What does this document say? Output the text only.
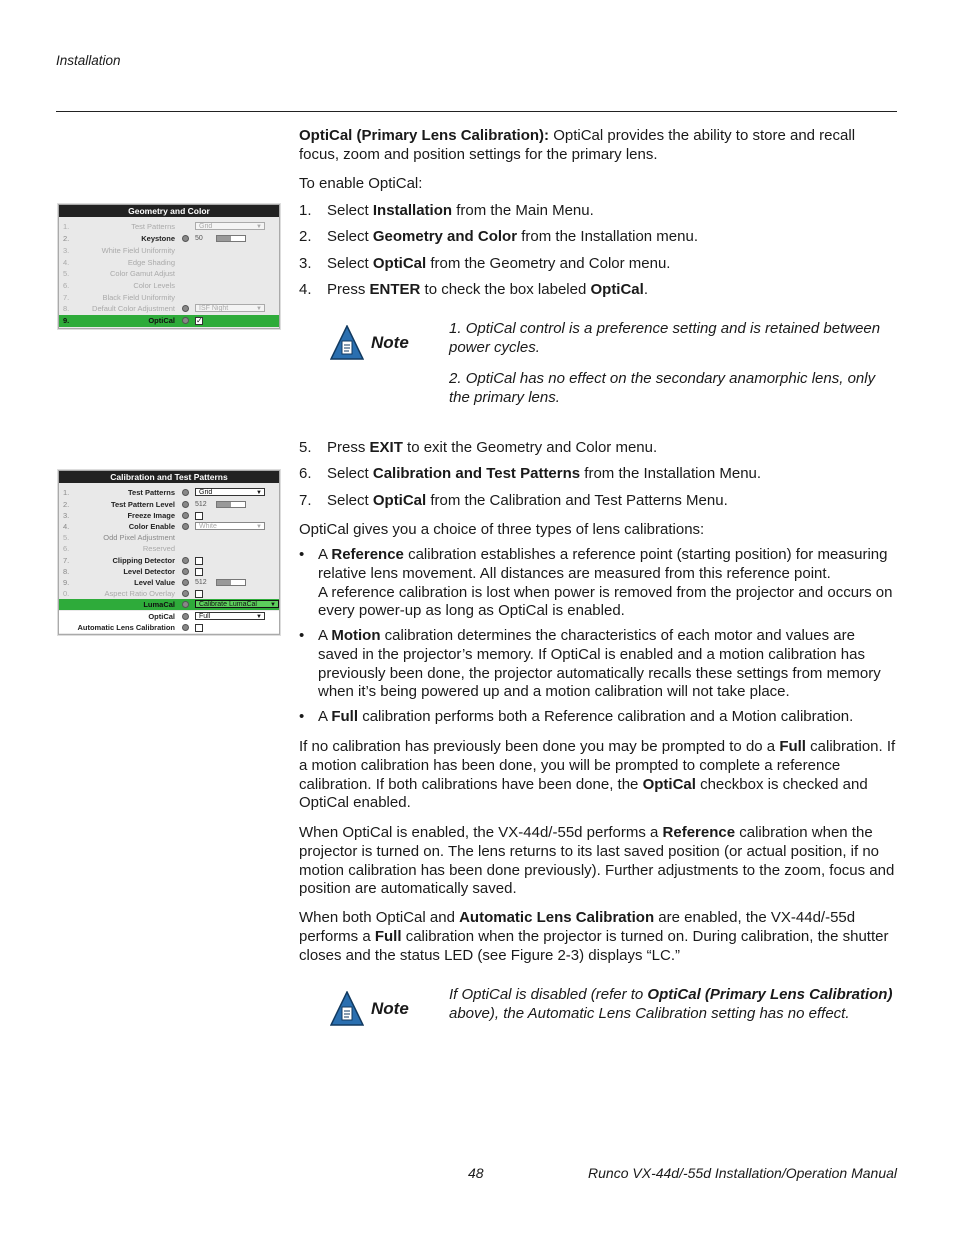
Installation
OptiCal (Primary Lens Calibration): OptiCal provides the ability to store and recall focus, zoom and position settings for the primary lens.
To enable OptiCal:
1. Select Installation from the Main Menu.
2. Select Geometry and Color from the Installation menu.
3. Select OptiCal from the Geometry and Color menu.
4. Press ENTER to check the box labeled OptiCal.
Note
1. OptiCal control is a preference setting and is retained between power cycles.
2. OptiCal has no effect on the secondary anamorphic lens, only the primary lens.
5. Press EXIT to exit the Geometry and Color menu.
6. Select Calibration and Test Patterns from the Installation Menu.
7. Select OptiCal from the Calibration and Test Patterns Menu.
OptiCal gives you a choice of three types of lens calibrations:
• A Reference calibration establishes a reference point (starting position) for measuring relative lens movement. All distances are measured from this reference point.
A reference calibration is lost when power is removed from the projector and occurs on every power-up as long as OptiCal is enabled.
• A Motion calibration determines the characteristics of each motor and values are saved in the projector’s memory. If OptiCal is enabled and a motion calibration has previously been done, the projector automatically recalls these settings from memory when it’s being powered up and a motion calibration will not take place.
• A Full calibration performs both a Reference calibration and a Motion calibration.
If no calibration has previously been done you may be prompted to do a Full calibration. If a motion calibration has been done, you will be prompted to complete a reference calibration. If both calibrations have been done, the OptiCal checkbox is checked and OptiCal enabled.
When OptiCal is enabled, the VX-44d/-55d performs a Reference calibration when the projector is turned on. The lens returns to its last saved position (or actual position, if no motion calibration has been done previously). Further adjustments to the zoom, focus and position are automatically saved.
When both OptiCal and Automatic Lens Calibration are enabled, the VX-44d/-55d performs a Full calibration when the projector is turned on. During calibration, the shutter closes and the status LED (see Figure 2-3) displays “LC.”
Note
If OptiCal is disabled (refer to OptiCal (Primary Lens Calibration) above), the Automatic Lens Calibration setting has no effect.
Geometry and Color
1.	Test Patterns	Grid	▼
2.	Keystone	50
3.	White Field Uniformity
4.	Edge Shading
5.	Color Gamut Adjust
6.	Color Levels
7.	Black Field Uniformity
8.	Default Color Adjustment	ISF Night	▼
9.	OptiCal	✓
Calibration and Test Patterns
1.	Test Patterns	Grid	▼
2.	Test Pattern Level	512
3.	Freeze Image
4.	Color Enable	White	▼
5.	Odd Pixel Adjustment
6.	Reserved
7.	Clipping Detector
8.	Level Detector
9.	Level Value	512
0.	Aspect Ratio Overlay
LumaCal	Calibrate LumaCal ▼
OptiCal	Full	▼
Automatic Lens Calibration
48	Runco VX-44d/-55d Installation/Operation Manual
